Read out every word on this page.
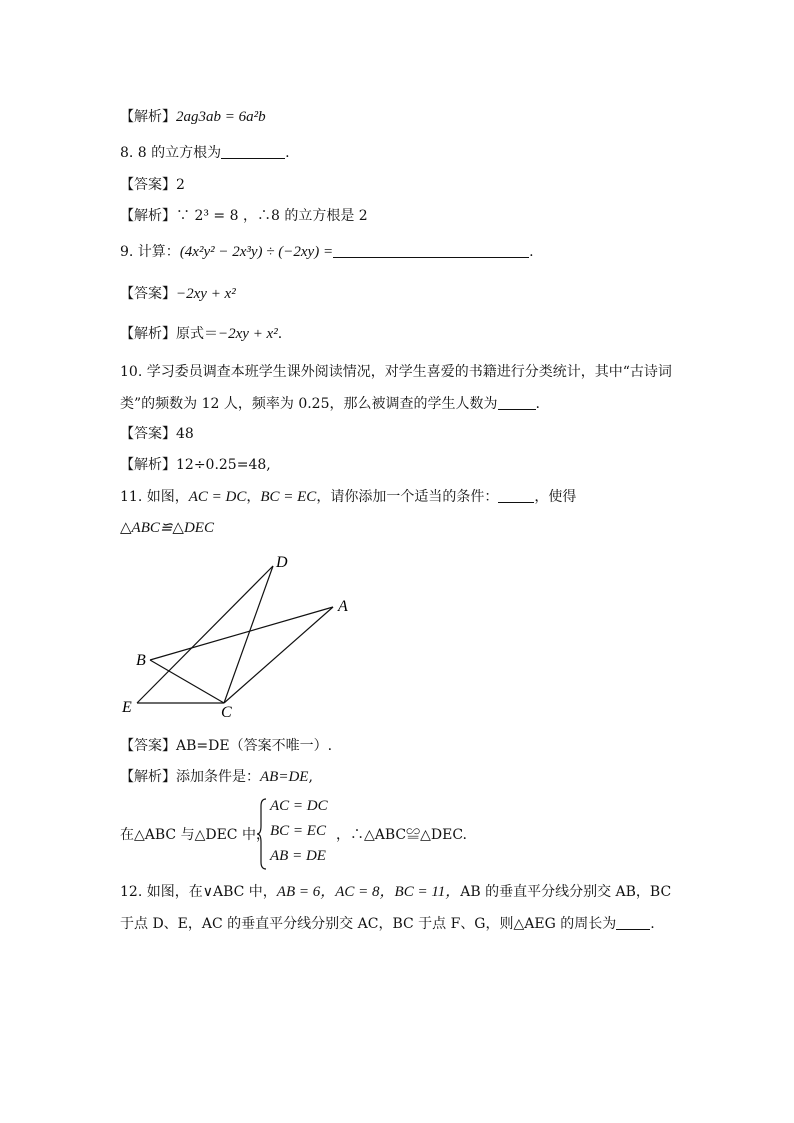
【解析】2ag3ab = 6a²b
8. 8 的立方根为	.
【答案】2
【解析】∵ 2³ = 8 ，∴8 的立方根是 2
9. 计算：(4x²y² − 2x³y) ÷ (−2xy) =	.
【答案】−2xy + x²
【解析】原式＝−2xy + x².
10. 学习委员调查本班学生课外阅读情况，对学生喜爱的书籍进行分类统计，其中“古诗词
类”的频数为 12 人，频率为 0.25，那么被调查的学生人数为	.
【答案】48
【解析】12÷0.25=48,
11. 如图，AC = DC，BC = EC，请你添加一个适当的条件：	，使得
△ABC≌△DEC
D
A
B
E	C
【答案】AB=DE（答案不唯一）.
【解析】添加条件是：AB=DE,
在△ABC 与△DEC 中，
AC = DC
BC = EC
AB = DE
，∴△ABC≌△DEC.
12. 如图，在∨ABC 中，AB = 6，AC = 8，BC = 11，AB 的垂直平分线分别交 AB，BC
于点 D、E，AC 的垂直平分线分别交 AC，BC 于点 F、G，则△AEG 的周长为 .
